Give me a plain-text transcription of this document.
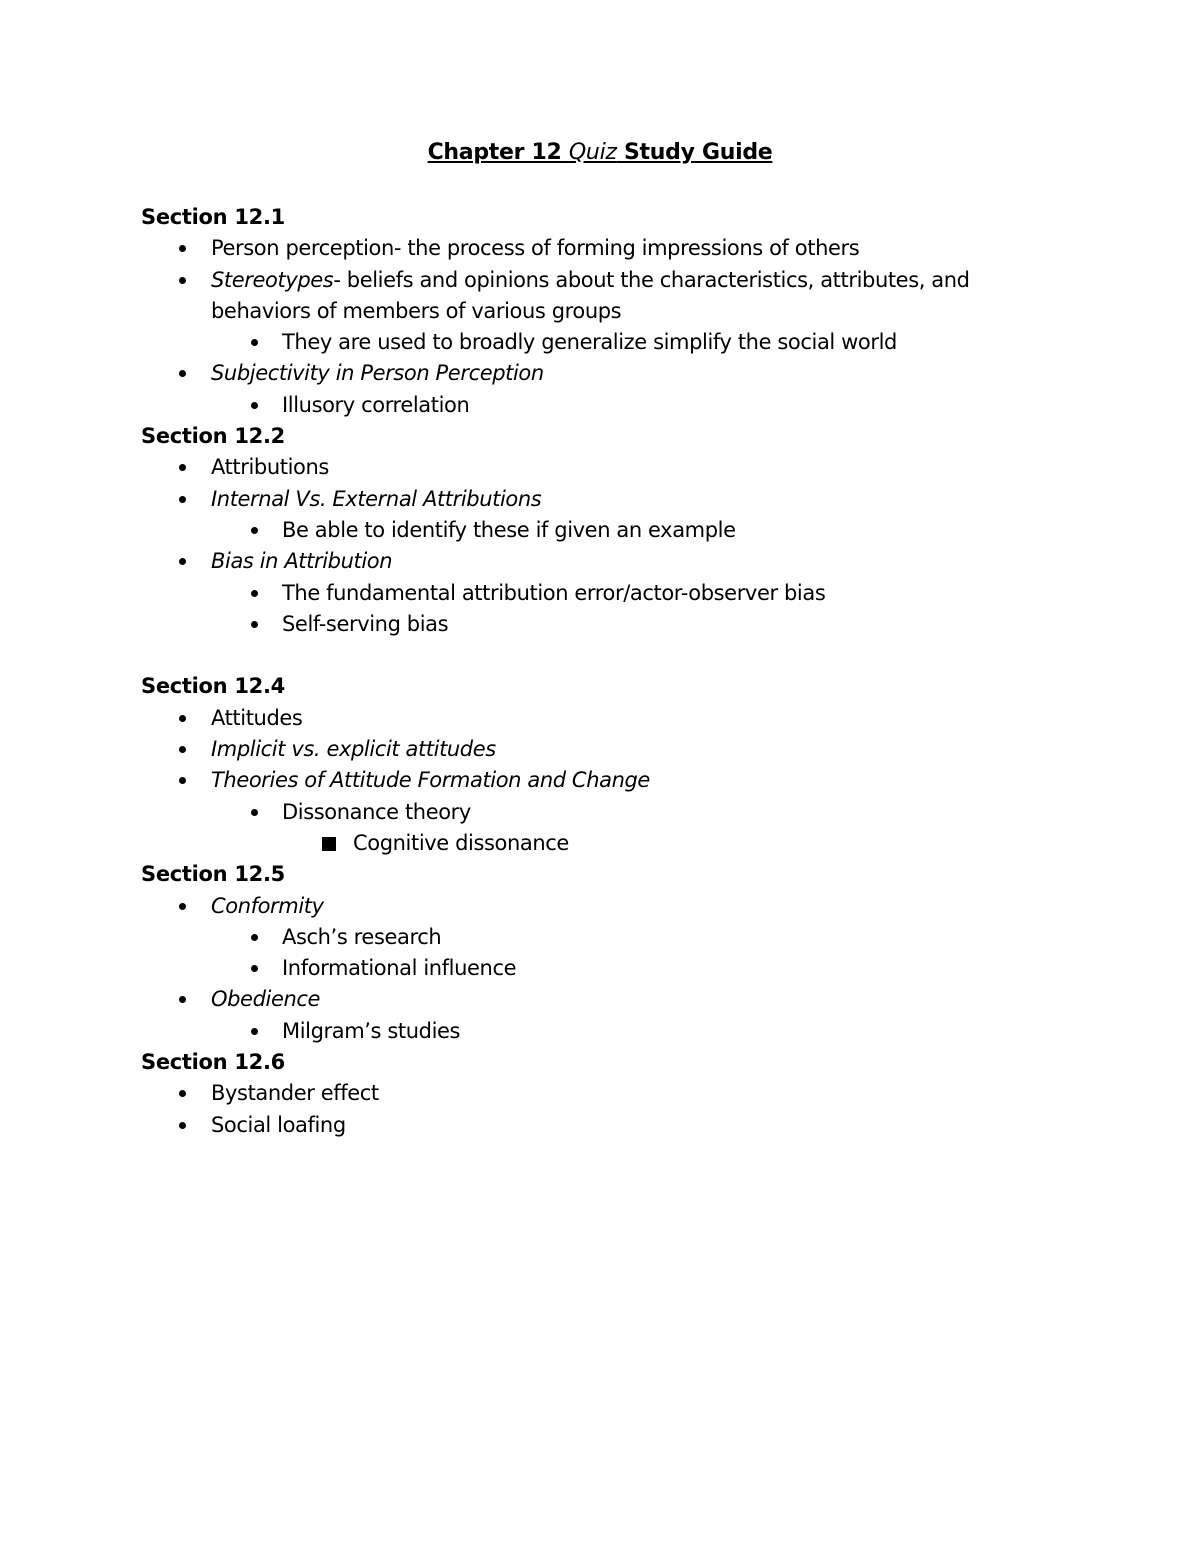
Chapter 12 Quiz Study Guide
Section 12.1
Person perception- the process of forming impressions of others
Stereotypes- beliefs and opinions about the characteristics, attributes, and behaviors of members of various groups
They are used to broadly generalize simplify the social world
Subjectivity in Person Perception
Illusory correlation
Section 12.2
Attributions
Internal Vs. External Attributions
Be able to identify these if given an example
Bias in Attribution
The fundamental attribution error/actor-observer bias
Self-serving bias
Section 12.4
Attitudes
Implicit vs. explicit attitudes
Theories of Attitude Formation and Change
Dissonance theory
Cognitive dissonance
Section 12.5
Conformity
Asch’s research
Informational influence
Obedience
Milgram’s studies
Section 12.6
Bystander effect
Social loafing
